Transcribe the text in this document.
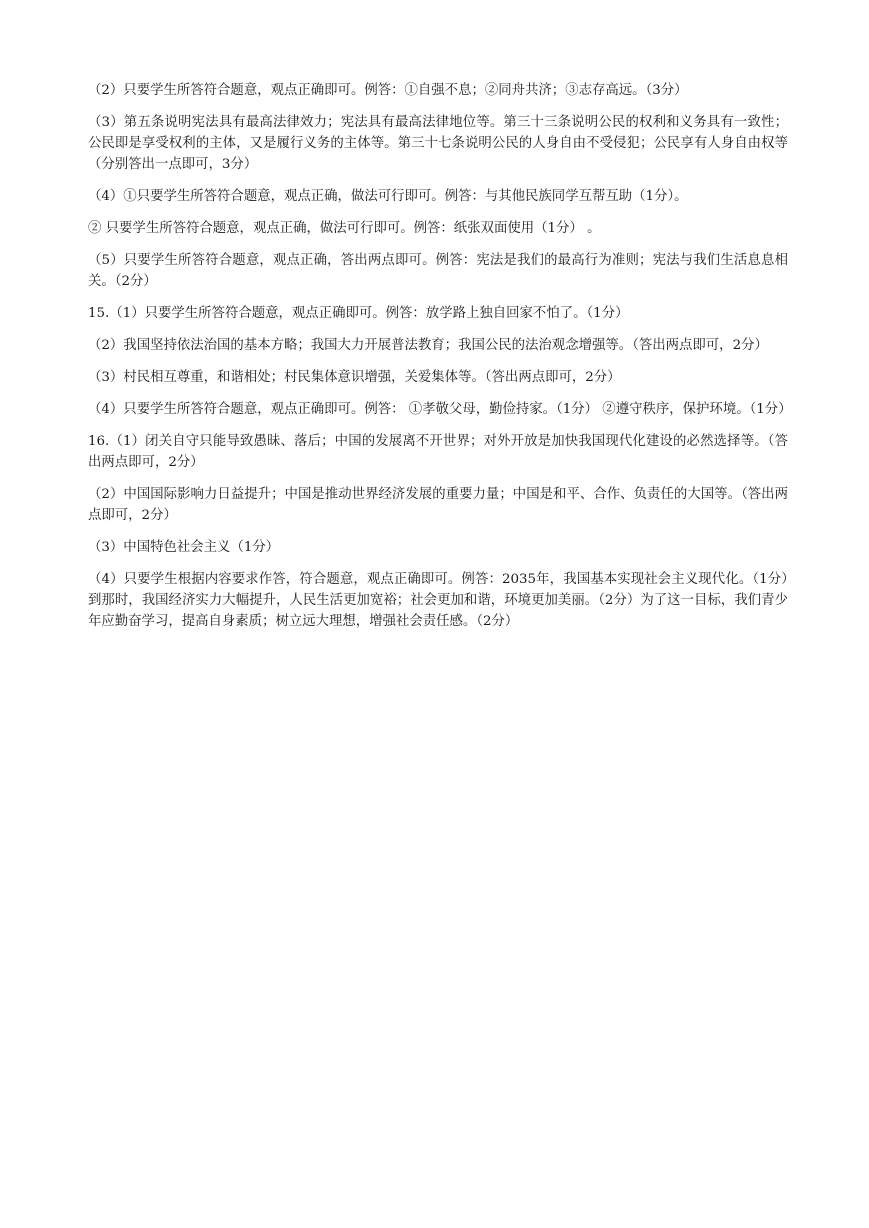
（2）只要学生所答符合题意，观点正确即可。例答：①自强不息；②同舟共济；③志存高远。（3分）

（3）第五条说明宪法具有最高法律效力；宪法具有最高法律地位等。第三十三条说明公民的权利和义务具有一致性；公民即是享受权利的主体，又是履行义务的主体等。第三十七条说明公民的人身自由不受侵犯；公民享有人身自由权等（分别答出一点即可，3分）

（4）①只要学生所答符合题意，观点正确，做法可行即可。例答：与其他民族同学互帮互助（1分）。

② 只要学生所答符合题意，观点正确，做法可行即可。例答：纸张双面使用（1分） 。

（5）只要学生所答符合题意，观点正确，答出两点即可。例答：宪法是我们的最高行为准则；宪法与我们生活息息相关。（2分）

15.（1）只要学生所答符合题意，观点正确即可。例答：放学路上独自回家不怕了。（1分）

（2）我国坚持依法治国的基本方略；我国大力开展普法教育；我国公民的法治观念增强等。（答出两点即可，2分）

（3）村民相互尊重，和谐相处；村民集体意识增强，关爱集体等。（答出两点即可，2分）

（4）只要学生所答符合题意，观点正确即可。例答： ①孝敬父母，勤俭持家。（1分） ②遵守秩序，保护环境。（1分）

16.（1）闭关自守只能导致愚昧、落后；中国的发展离不开世界；对外开放是加快我国现代化建设的必然选择等。（答出两点即可，2分）

（2）中国国际影响力日益提升；中国是推动世界经济发展的重要力量；中国是和平、合作、负责任的大国等。（答出两点即可，2分）

（3）中国特色社会主义（1分）

（4）只要学生根据内容要求作答，符合题意，观点正确即可。例答：2035年，我国基本实现社会主义现代化。（1分）到那时，我国经济实力大幅提升，人民生活更加宽裕；社会更加和谐，环境更加美丽。（2分）为了这一目标，我们青少年应勤奋学习，提高自身素质；树立远大理想，增强社会责任感。（2分）
